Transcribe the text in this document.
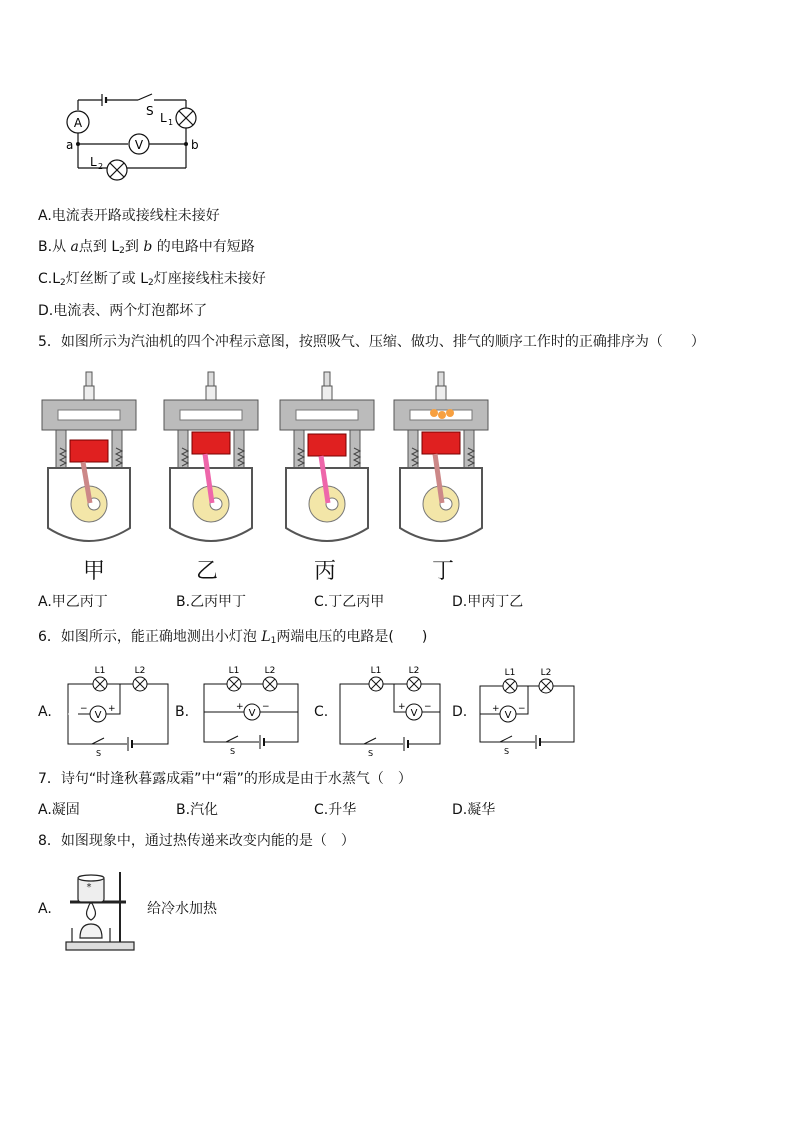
A
V
S L 1
L 2
a	b
A.电流表开路或接线柱未接好
B.从 a点到 $L_2$到 b 的电路中有短路
$C.L_2$灯丝断了或 $L_2$灯座接线柱未接好
D.电流表、两个灯泡都坏了
5．如图所示为汽油机的四个冲程示意图，按照吸气、压缩、做功、排气的顺序工作时的正确排序为（　　）
甲	乙	丙	丁
A.甲乙丙丁	B.乙丙甲丁	C.丁乙丙甲	D.甲丙丁乙
6．如图所示，能正确地测出小灯泡 $L_1$两端电压的电路是(　　)
A.	B.	C.	D.
L1	L2
V
− +
S
L1	L2
V
+ −
S
L1	L2
V
+ −
S
L1	L2
V
+ −
S
7．诗句“时逢秋暮露成霜”中“霜”的形成是由于水蒸气（　）
A.凝固	B.汽化	C.升华	D.凝华
8．如图现象中，通过热传递来改变内能的是（　）
A.
*
给冷水加热
